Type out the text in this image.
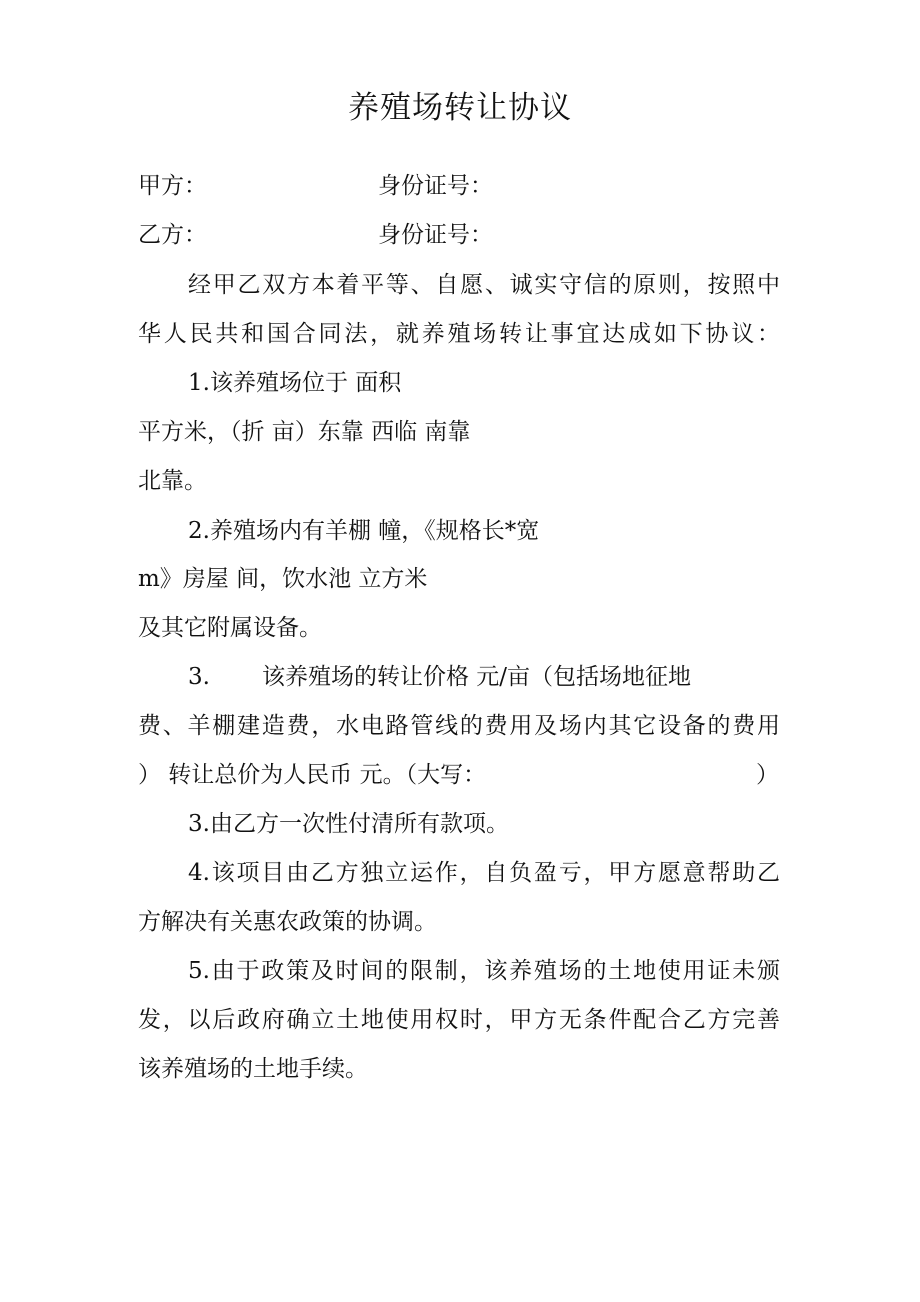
养殖场转让协议
甲方：	身份证号：
乙方：	身份证号：
经甲乙双方本着平等、自愿、诚实守信的原则，按照中
华人民共和国合同法，就养殖场转让事宜达成如下协议：
1.该养殖场位于 面积
平方米，（折 亩）东靠 西临 南靠
北靠。
2.养殖场内有羊棚 幢，《规格长*宽
m》房屋 间，饮水池 立方米
及其它附属设备。
3. 该养殖场的转让价格 元/亩（包括场地征地
费、羊棚建造费，水电路管线的费用及场内其它设备的费用
） 转让总价为人民币 元。（大写：	）
3.由乙方一次性付清所有款项。
4.该项目由乙方独立运作，自负盈亏，甲方愿意帮助乙
方解决有关惠农政策的协调。
5.由于政策及时间的限制，该养殖场的土地使用证未颁
发，以后政府确立土地使用权时，甲方无条件配合乙方完善
该养殖场的土地手续。
